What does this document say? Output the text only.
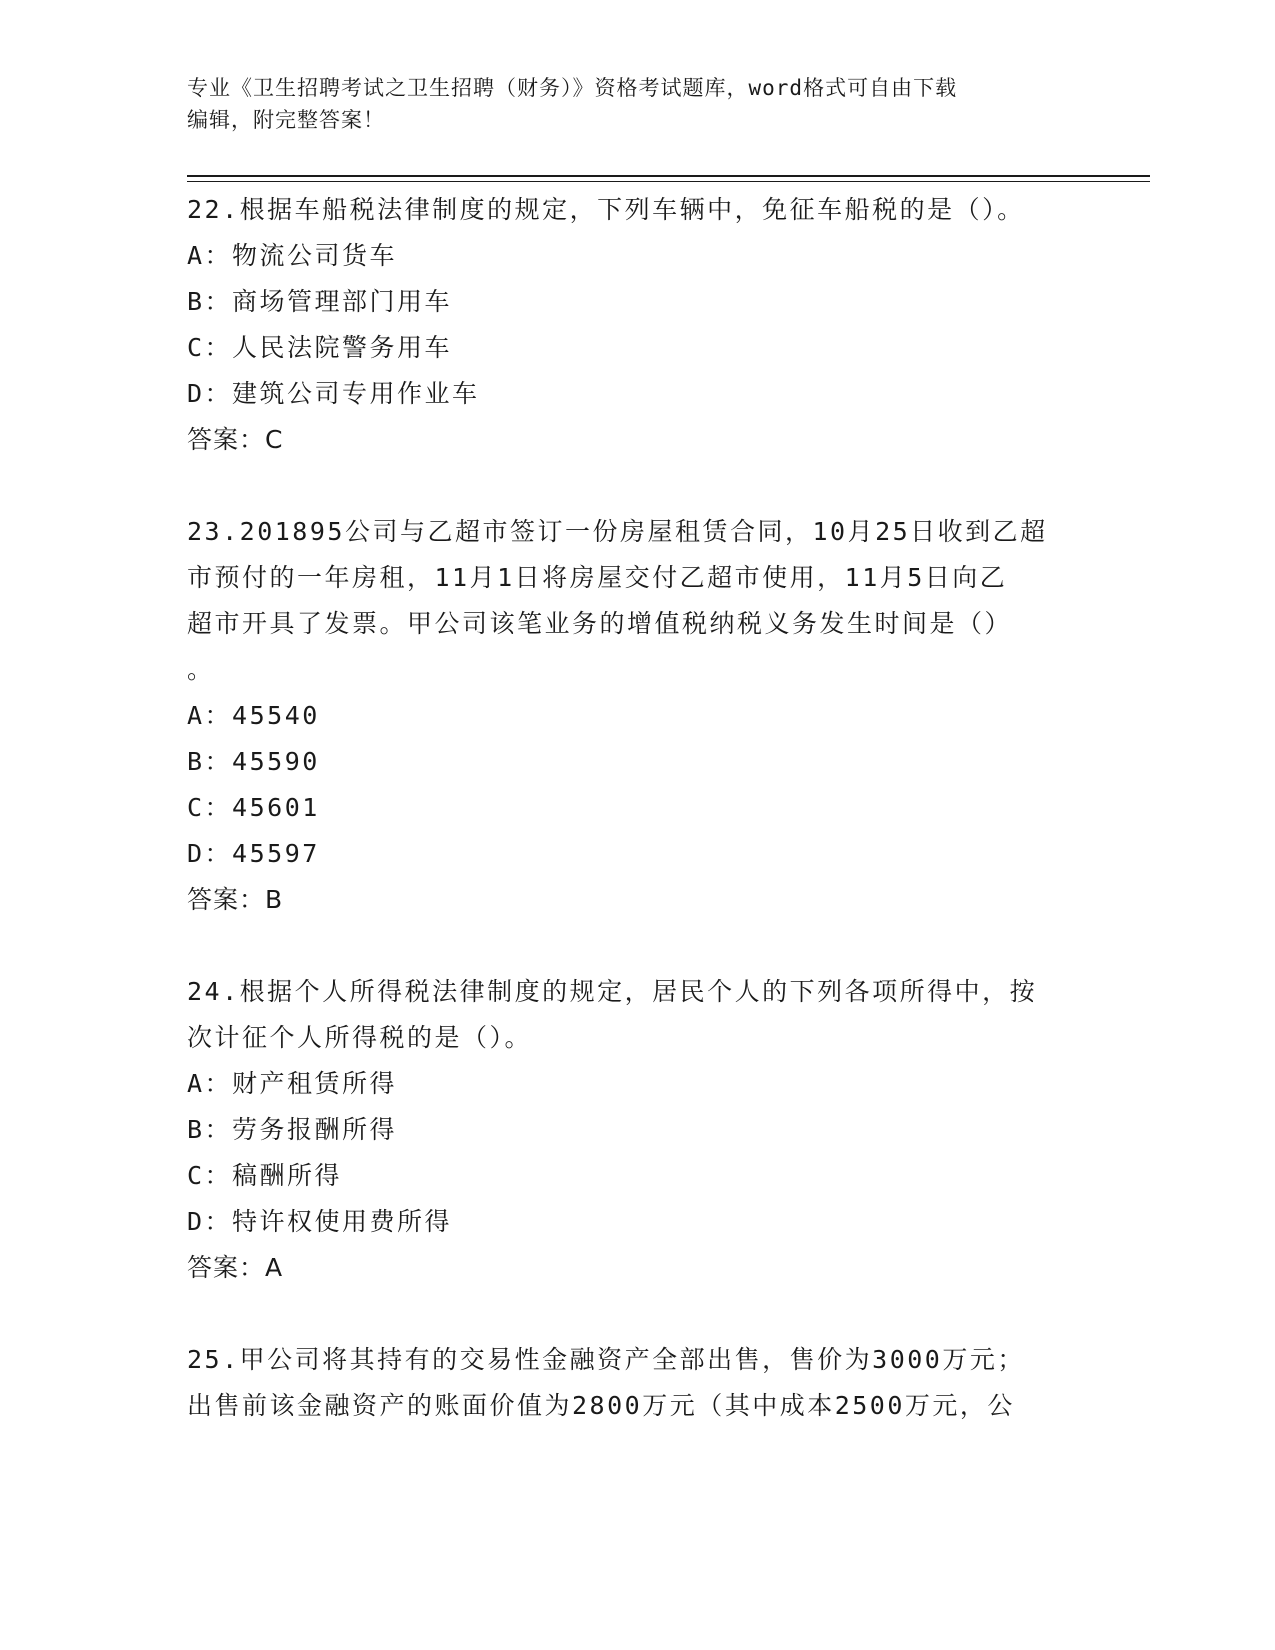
专业《卫生招聘考试之卫生招聘（财务）》资格考试题库，word格式可自由下载
编辑，附完整答案！
22.根据车船税法律制度的规定，下列车辆中，免征车船税的是（）。
A：物流公司货车
B：商场管理部门用车
C：人民法院警务用车
D：建筑公司专用作业车
答案：C
23.201895公司与乙超市签订一份房屋租赁合同，10月25日收到乙超
市预付的一年房租，11月1日将房屋交付乙超市使用，11月5日向乙
超市开具了发票。甲公司该笔业务的增值税纳税义务发生时间是（）
。
A：45540
B：45590
C：45601
D：45597
答案：B
24.根据个人所得税法律制度的规定，居民个人的下列各项所得中，按
次计征个人所得税的是（）。
A：财产租赁所得
B：劳务报酬所得
C：稿酬所得
D：特许权使用费所得
答案：A
25.甲公司将其持有的交易性金融资产全部出售，售价为3000万元；
出售前该金融资产的账面价值为2800万元（其中成本2500万元，公
